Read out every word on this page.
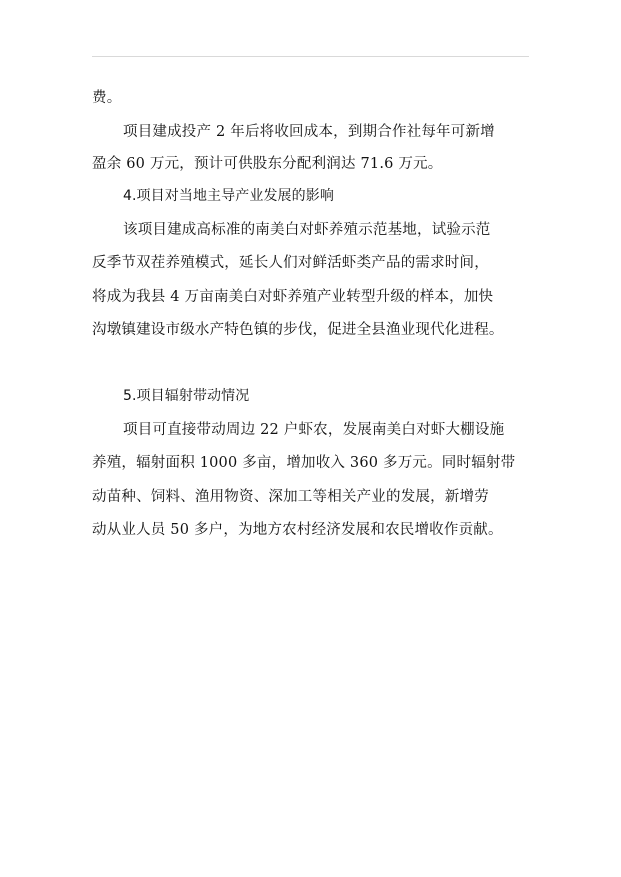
费。
项目建成投产 2 年后将收回成本，到期合作社每年可新增
盈余 60 万元，预计可供股东分配利润达 71.6 万元。
4.项目对当地主导产业发展的影响
该项目建成高标准的南美白对虾养殖示范基地，试验示范
反季节双茬养殖模式，延长人们对鲜活虾类产品的需求时间，
将成为我县 4 万亩南美白对虾养殖产业转型升级的样本，加快
沟墩镇建设市级水产特色镇的步伐，促进全县渔业现代化进程。
5.项目辐射带动情况
项目可直接带动周边 22 户虾农，发展南美白对虾大棚设施
养殖，辐射面积 1000 多亩，增加收入 360 多万元。同时辐射带
动苗种、饲料、渔用物资、深加工等相关产业的发展，新增劳
动从业人员 50 多户，为地方农村经济发展和农民增收作贡献。
